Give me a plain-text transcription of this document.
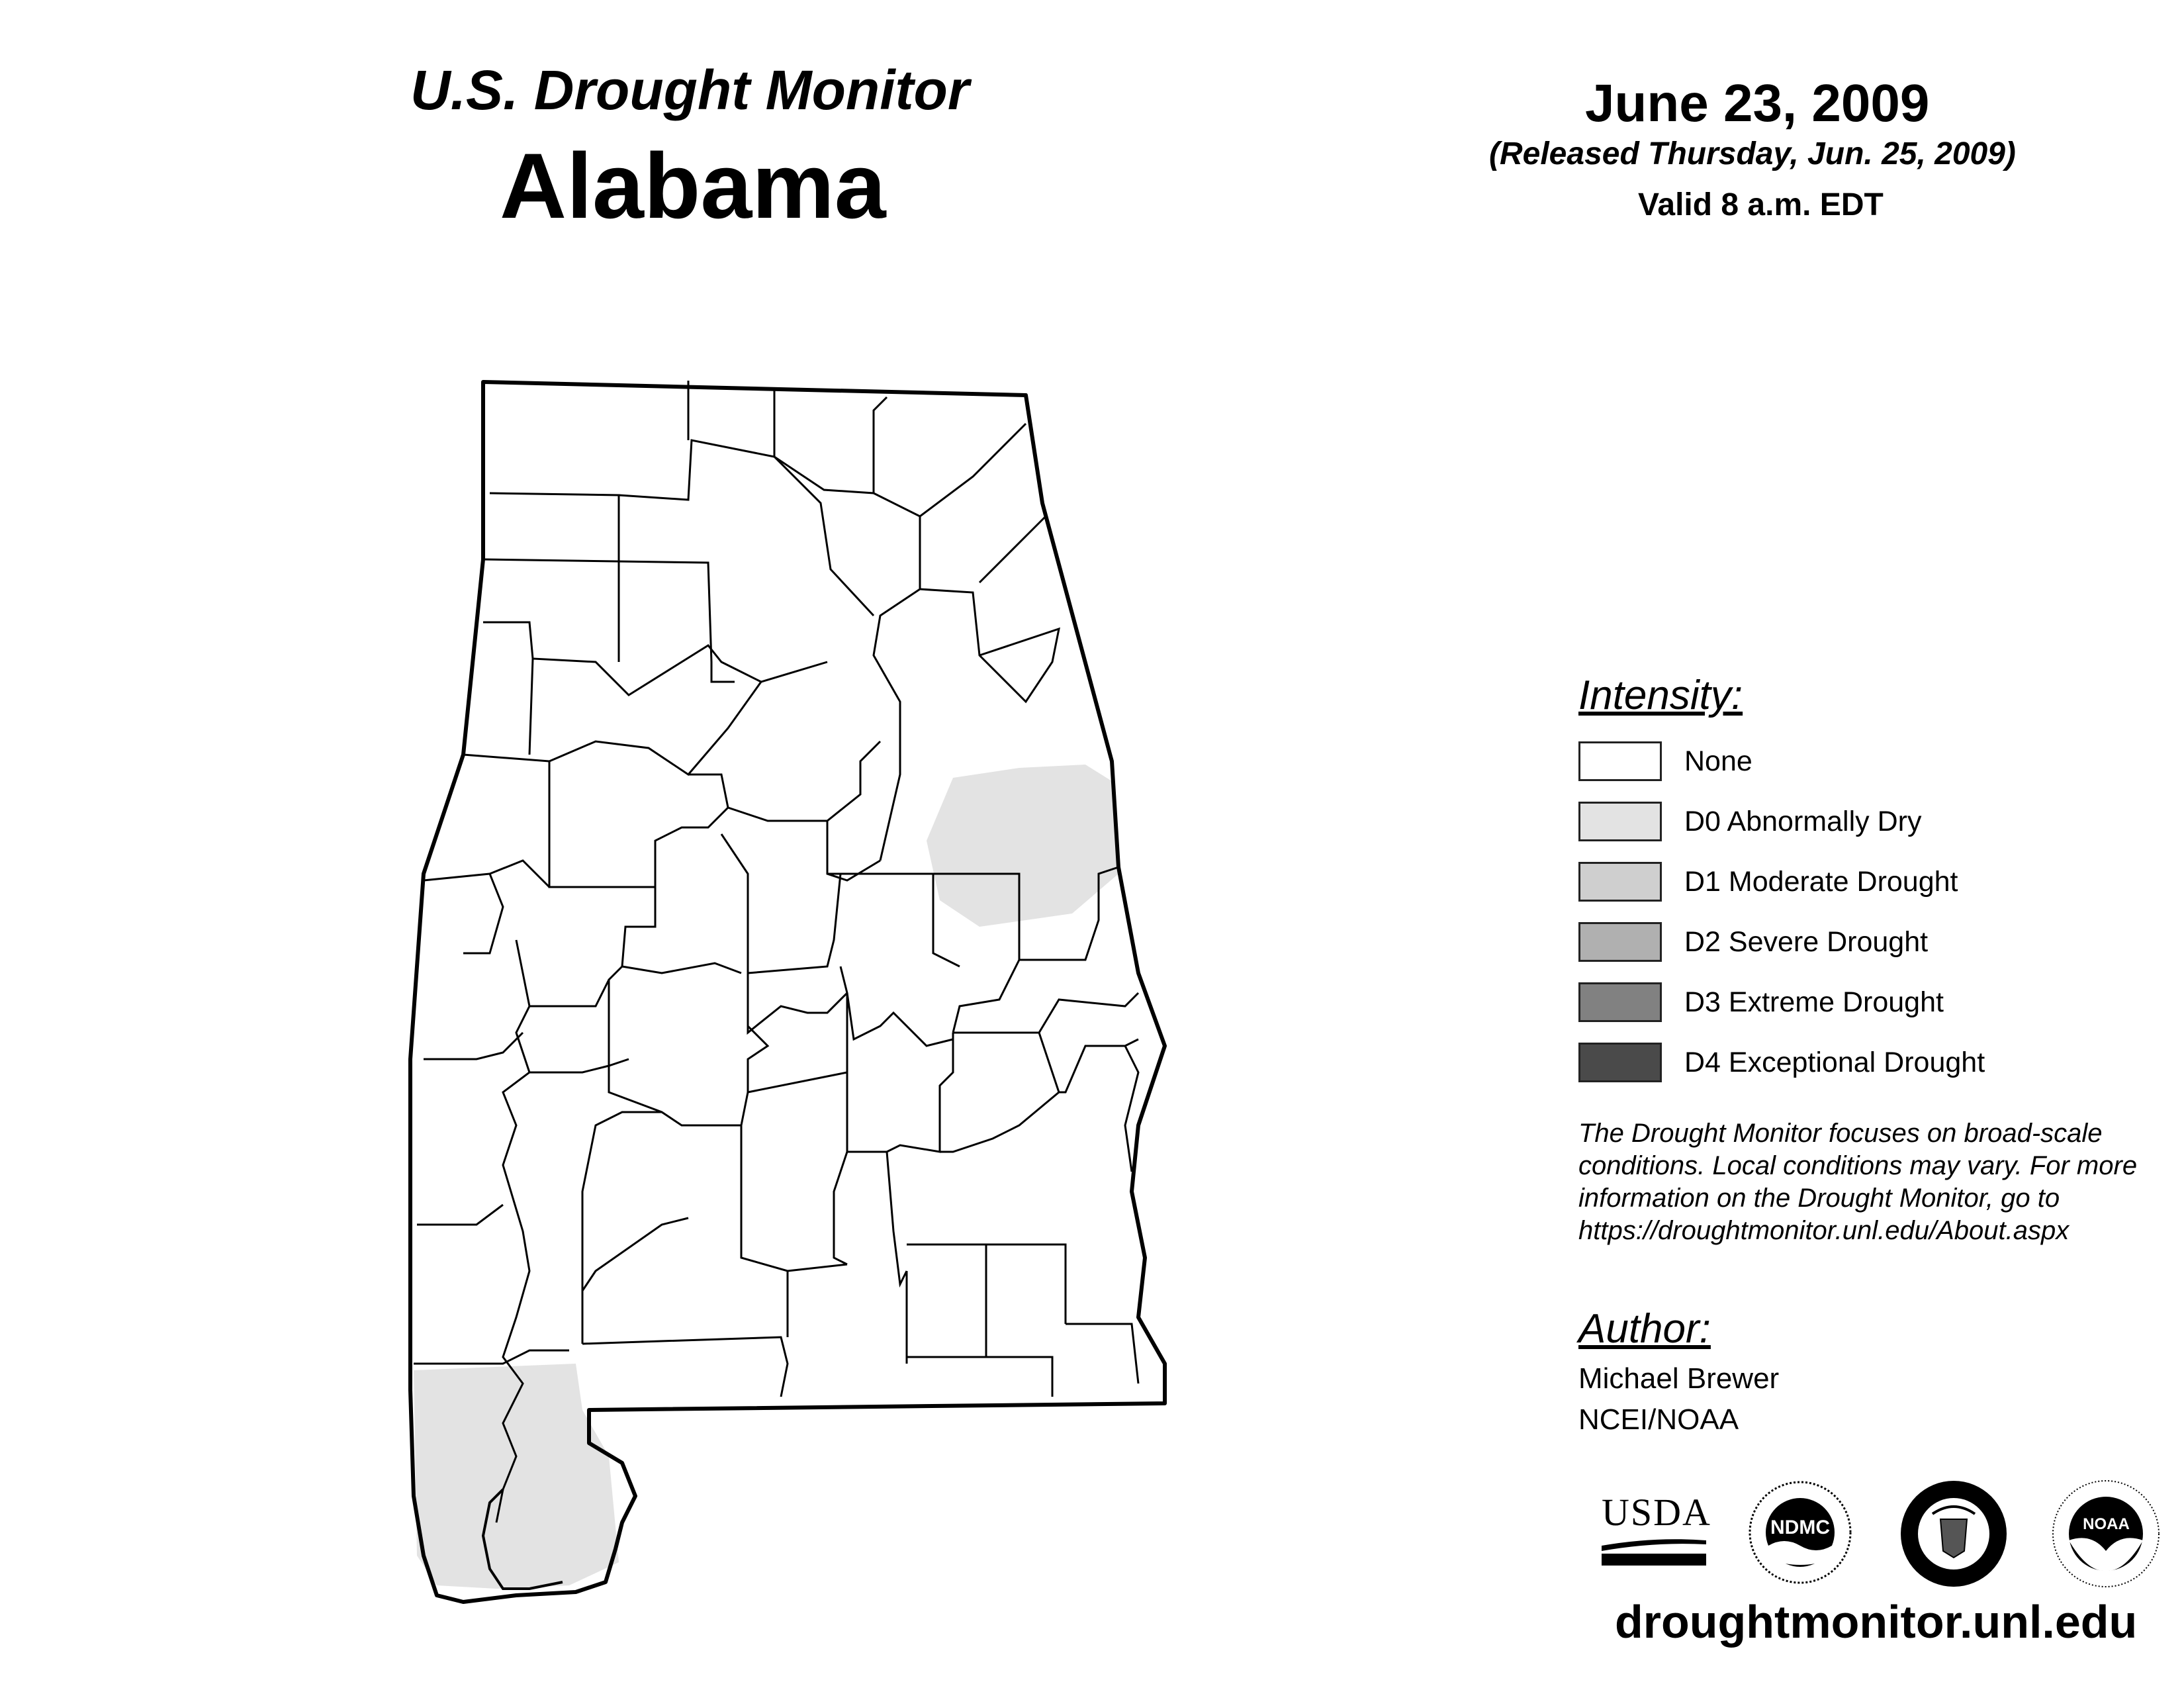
U.S. Drought Monitor
Alabama
June 23, 2009
(Released Thursday, Jun. 25, 2009)
Valid 8 a.m. EDT
Intensity:
None
D0 Abnormally Dry
D1 Moderate Drought
D2 Severe Drought
D3 Extreme Drought
D4 Exceptional Drought
The Drought Monitor focuses on broad-scale conditions. Local conditions may vary. For more information on the Drought Monitor, go to https://droughtmonitor.unl.edu/About.aspx
Author:
Michael Brewer
NCEI/NOAA
USDA	NDMC	NOAA
droughtmonitor.unl.edu
